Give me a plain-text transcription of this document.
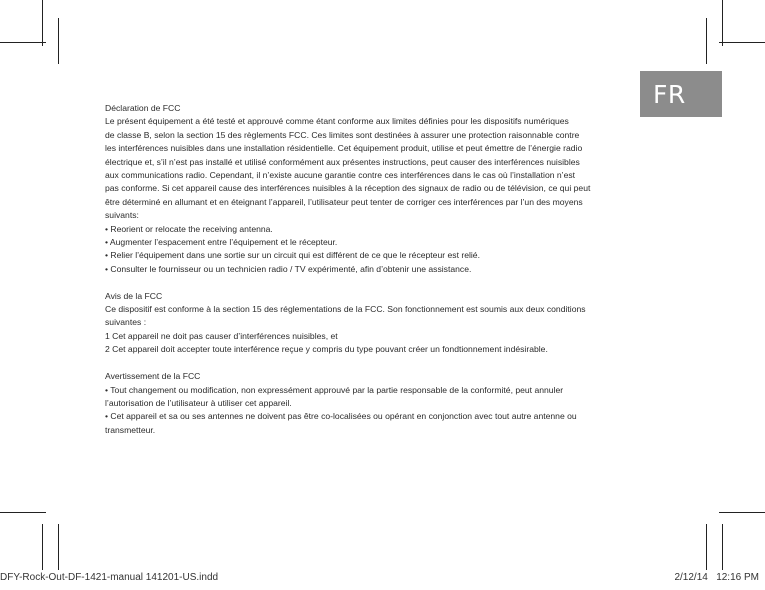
FR

Déclaration de FCC

Le présent équipement a été testé et approuvé comme étant conforme aux limites définies pour les dispositifs numériques

de classe B, selon la section 15 des règlements FCC. Ces limites sont destinées à assurer une protection raisonnable contre

les interférences nuisibles dans une installation résidentielle. Cet équipement produit, utilise et peut émettre de l’énergie radio

électrique et, s’il n’est pas installé et utilisé conformément aux présentes instructions, peut causer des interférences nuisibles

aux communications radio. Cependant, il n’existe aucune garantie contre ces interférences dans le cas où l’installation n’est

pas conforme. Si cet appareil cause des interférences nuisibles à la réception des signaux de radio ou de télévision, ce qui peut

être déterminé en allumant et en éteignant l’appareil, l’utilisateur peut tenter de corriger ces interférences par l’un des moyens

suivants:

• Reorient or relocate the receiving antenna.

• Augmenter l’espacement entre l’équipement et le récepteur.

• Relier l’équipement dans une sortie sur un circuit qui est différent de ce que le récepteur est relié.

• Consulter le fournisseur ou un technicien radio / TV expérimenté, afin d’obtenir une assistance.

Avis de la FCC

Ce dispositif est conforme à la section 15 des réglementations de la FCC. Son fonctionnement est soumis aux deux conditions

suivantes :

1 Cet appareil ne doit pas causer d’interférences nuisibles, et

2 Cet appareil doit accepter toute interférence reçue y compris du type pouvant créer un fondtionnement indésirable.

Avertissement de la FCC

• Tout changement ou modification, non expressément approuvé par la partie responsable de la conformité, peut annuler

l’autorisation de l’utilisateur à utiliser cet appareil.

• Cet appareil et sa ou ses antennes ne doivent pas être co-localisées ou opérant en conjonction avec tout autre antenne ou

transmetteur.

DFY-Rock-Out-DF-1421-manual 141201-US.indd	2/12/14 12:16 PM
